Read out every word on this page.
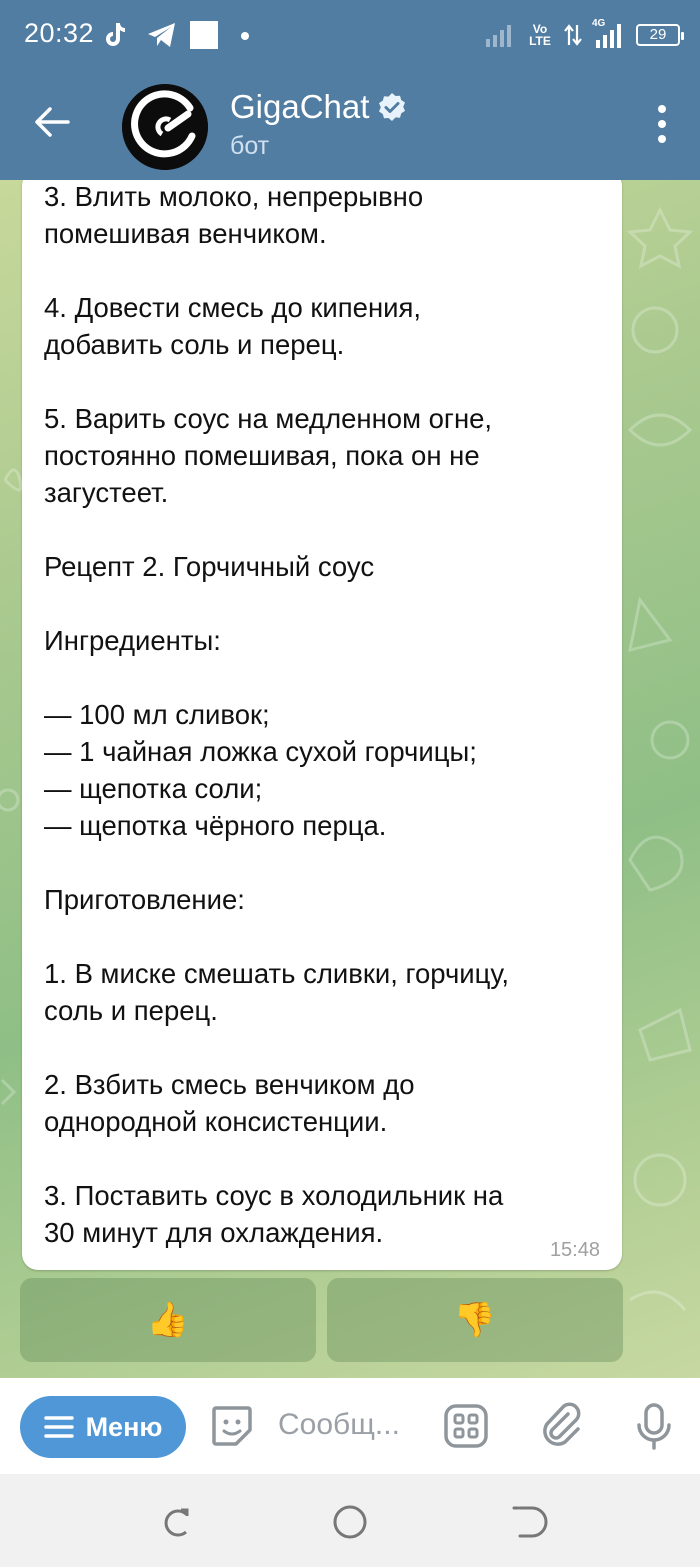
20:32	Vo LTE
4G
29
GigaChat
бот
3. Влить молоко, непрерывно
помешивая венчиком.

4. Довести смесь до кипения,
добавить соль и перец.

5. Варить соус на медленном огне,
постоянно помешивая, пока он не
загустеет.

Рецепт 2. Горчичный соус

Ингредиенты:

— 100 мл сливок;
— 1 чайная ложка сухой горчицы;
— щепотка соли;
— щепотка чёрного перца.

Приготовление:

1. В миске смешать сливки, горчицу,
соль и перец.

2. Взбить смесь венчиком до
однородной консистенции.

3. Поставить соус в холодильник на
30 минут для охлаждения.
15:48
👍	👎
Меню	Сообщ...
